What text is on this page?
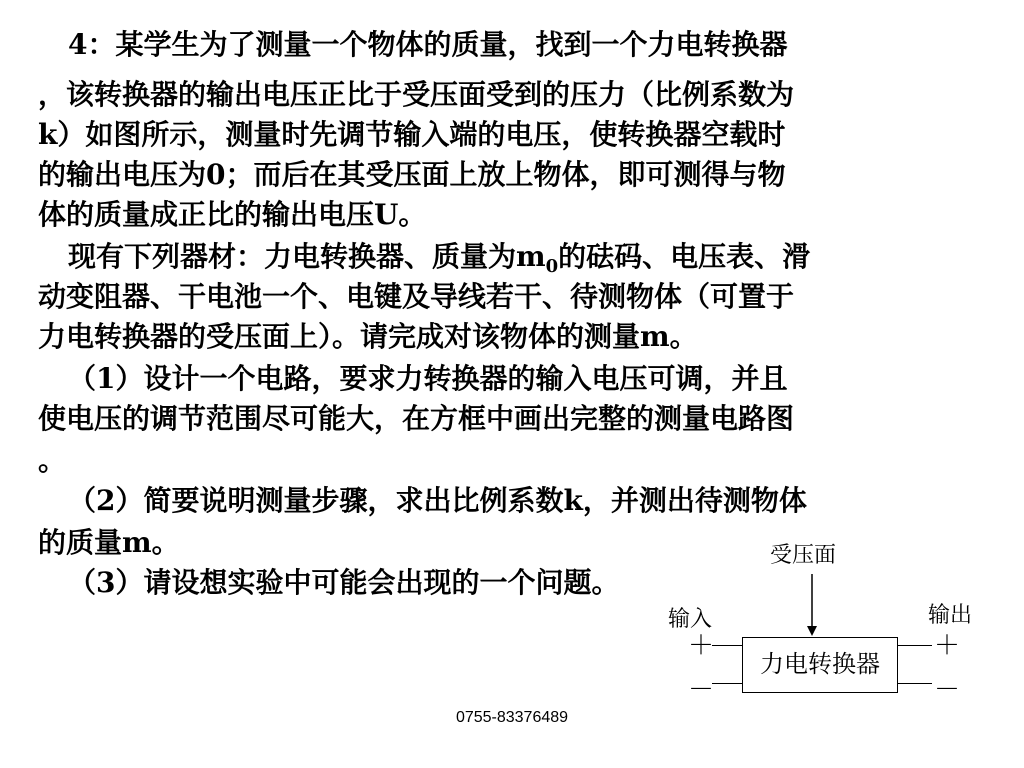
4：某学生为了测量一个物体的质量，找到一个力电转换器
，该转换器的输出电压正比于受压面受到的压力（比例系数为
k）如图所示，测量时先调节输入端的电压，使转换器空载时
的输出电压为0；而后在其受压面上放上物体，即可测得与物
体的质量成正比的输出电压U。
现有下列器材：力电转换器、质量为$m_0$的砝码、电压表、滑
动变阻器、干电池一个、电键及导线若干、待测物体（可置于
力电转换器的受压面上）。请完成对该物体的测量m。
（1）设计一个电路，要求力转换器的输入电压可调，并且
使电压的调节范围尽可能大，在方框中画出完整的测量电路图
。
（2）简要说明测量步骤，求出比例系数k，并测出待测物体
的质量m。
（3）请设想实验中可能会出现的一个问题。
受压面
输入	输出
力电转换器
＋
－
＋
－
0755-83376489
